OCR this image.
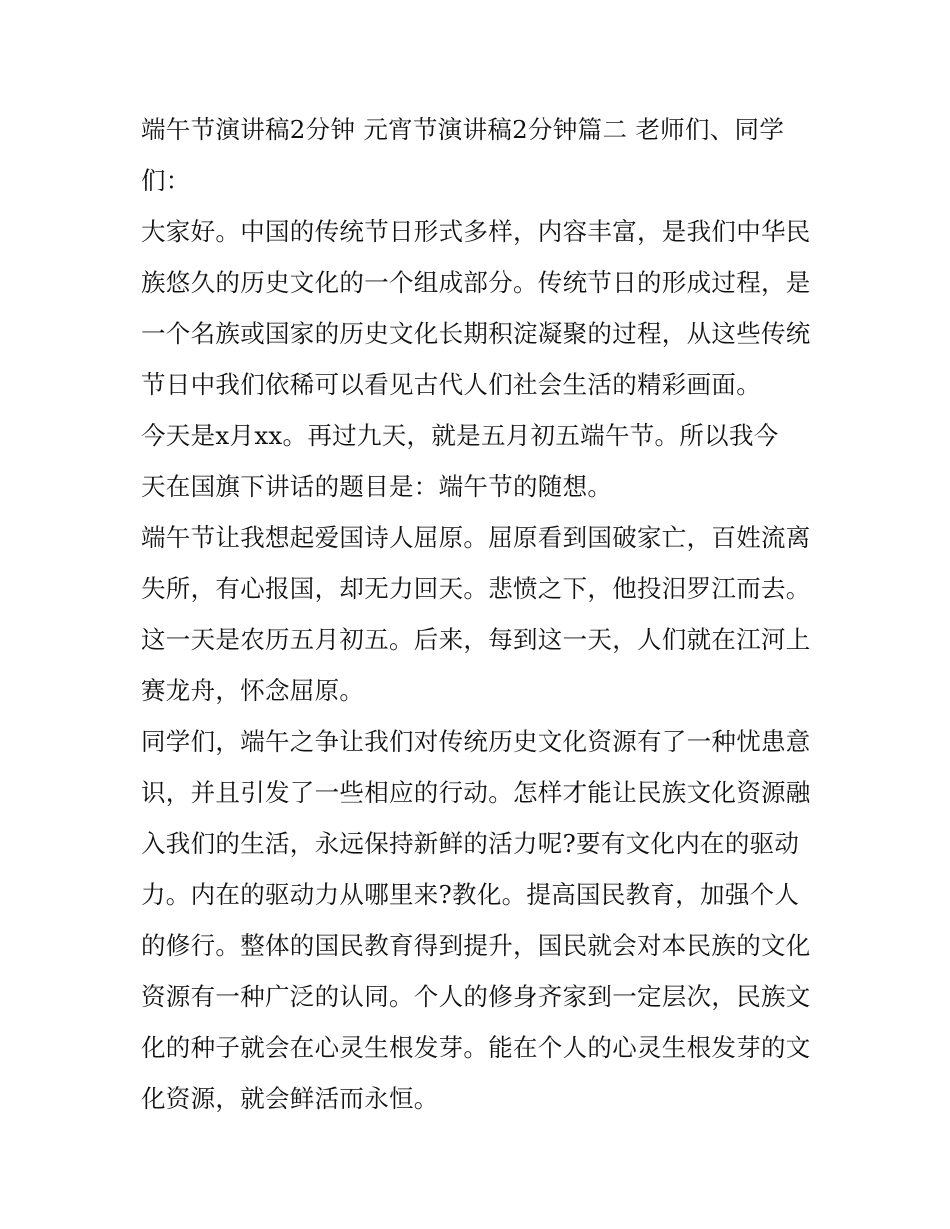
端午节演讲稿2分钟 元宵节演讲稿2分钟篇二 老师们、同学
们：
大家好。中国的传统节日形式多样，内容丰富，是我们中华民
族悠久的历史文化的一个组成部分。传统节日的形成过程，是
一个名族或国家的历史文化长期积淀凝聚的过程，从这些传统
节日中我们依稀可以看见古代人们社会生活的精彩画面。
今天是x月xx。再过九天，就是五月初五端午节。所以我今
天在国旗下讲话的题目是：端午节的随想。
端午节让我想起爱国诗人屈原。屈原看到国破家亡，百姓流离
失所，有心报国，却无力回天。悲愤之下，他投汨罗江而去。
这一天是农历五月初五。后来，每到这一天，人们就在江河上
赛龙舟，怀念屈原。
同学们，端午之争让我们对传统历史文化资源有了一种忧患意
识，并且引发了一些相应的行动。怎样才能让民族文化资源融
入我们的生活，永远保持新鲜的活力呢?要有文化内在的驱动
力。内在的驱动力从哪里来?教化。提高国民教育，加强个人
的修行。整体的国民教育得到提升，国民就会对本民族的文化
资源有一种广泛的认同。个人的修身齐家到一定层次，民族文
化的种子就会在心灵生根发芽。能在个人的心灵生根发芽的文
化资源，就会鲜活而永恒。
